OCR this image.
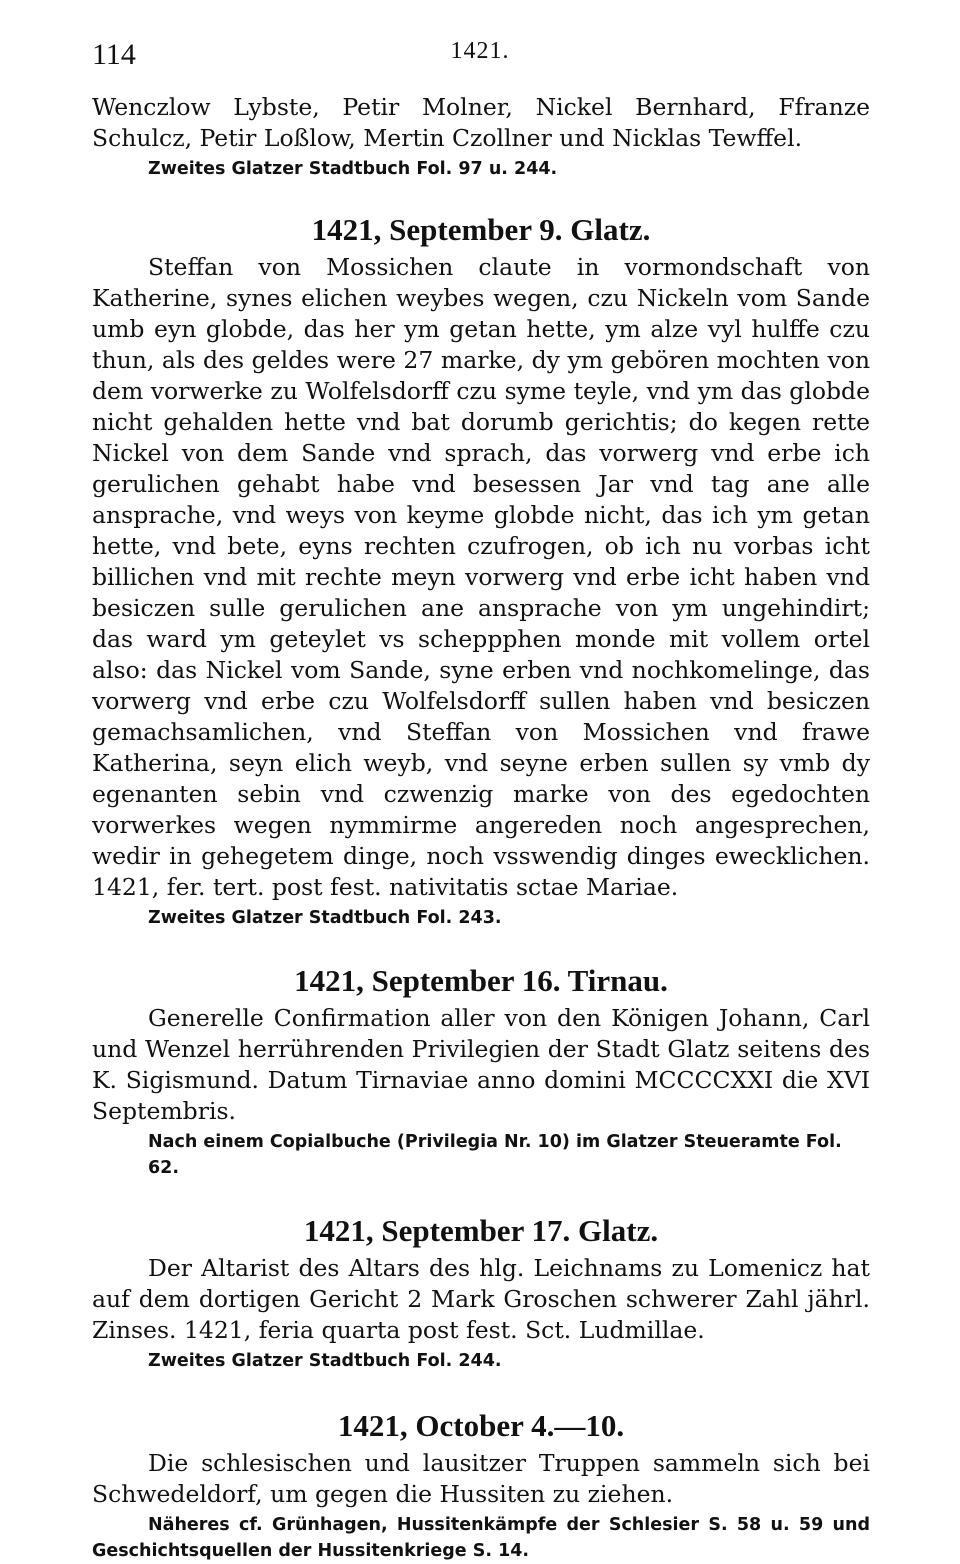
114	1421.

Wenczlow Lybste, Petir Molner, Nickel Bernhard, Ffranze Schulcz, Petir Loßlow, Mertin Czollner und Nicklas Tewffel.

Zweites Glatzer Stadtbuch Fol. 97 u. 244.

1421, September 9. Glatz.

Steffan von Mossichen claute in vormondschaft von Katherine, synes elichen weybes wegen, czu Nickeln vom Sande umb eyn globde, das her ym getan hette, ym alze vyl hulffe czu thun, als des geldes were 27 marke, dy ym gebören mochten von dem vorwerke zu Wolfelsdorff czu syme teyle, vnd ym das globde nicht gehalden hette vnd bat dorumb gerichtis; do kegen rette Nickel von dem Sande vnd sprach, das vorwerg vnd erbe ich gerulichen gehabt habe vnd besessen Jar vnd tag ane alle ansprache, vnd weys von keyme globde nicht, das ich ym getan hette, vnd bete, eyns rechten czufrogen, ob ich nu vorbas icht billichen vnd mit rechte meyn vorwerg vnd erbe icht haben vnd besiczen sulle gerulichen ane ansprache von ym ungehindirt; das ward ym geteylet vs scheppphen monde mit vollem ortel also: das Nickel vom Sande, syne erben vnd nochkomelinge, das vorwerg vnd erbe czu Wolfelsdorff sullen haben vnd besiczen gemachsamlichen, vnd Steffan von Mossichen vnd frawe Katherina, seyn elich weyb, vnd seyne erben sullen sy vmb dy egenanten sebin vnd czwenzig marke von des egedochten vorwerkes wegen nymmirme angereden noch angesprechen, wedir in gehegetem dinge, noch vsswendig dinges ewecklichen. 1421, fer. tert. post fest. nativitatis sctae Mariae.

Zweites Glatzer Stadtbuch Fol. 243.

1421, September 16. Tirnau.

Generelle Confirmation aller von den Königen Johann, Carl und Wenzel herrührenden Privilegien der Stadt Glatz seitens des K. Sigismund. Datum Tirnaviae anno domini MCCCCXXI die XVI Septembris.

Nach einem Copialbuche (Privilegia Nr. 10) im Glatzer Steueramte Fol. 62.

1421, September 17. Glatz.

Der Altarist des Altars des hlg. Leichnams zu Lomenicz hat auf dem dortigen Gericht 2 Mark Groschen schwerer Zahl jährl. Zinses. 1421, feria quarta post fest. Sct. Ludmillae.

Zweites Glatzer Stadtbuch Fol. 244.

1421, October 4.—10.

Die schlesischen und lausitzer Truppen sammeln sich bei Schwedeldorf, um gegen die Hussiten zu ziehen.

Näheres cf. Grünhagen, Hussitenkämpfe der Schlesier S. 58 u. 59 und Geschichtsquellen der Hussitenkriege S. 14.
